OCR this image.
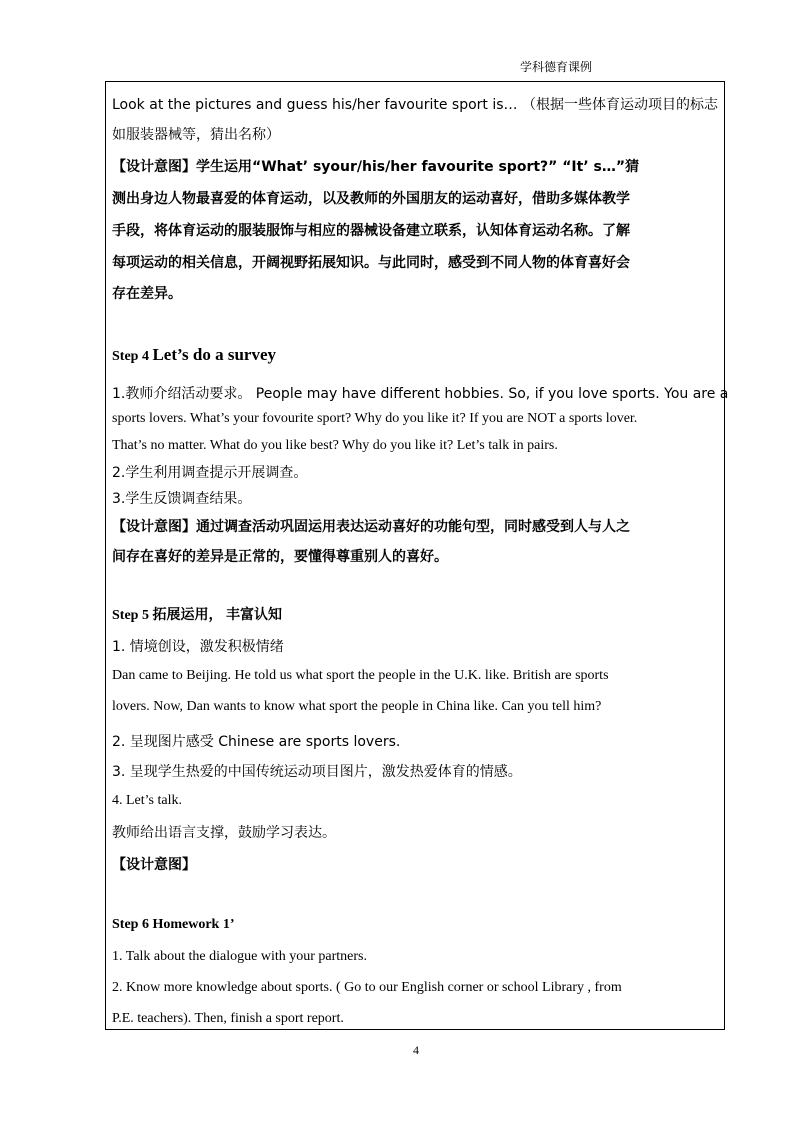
学科德育课例
Look at the pictures and guess his/her favourite sport is… （根据一些体育运动项目的标志
如服装器械等，猜出名称）
【设计意图】学生运用“What’ syour/his/her favourite sport?” “It’ s…”猜
测出身边人物最喜爱的体育运动，以及教师的外国朋友的运动喜好，借助多媒体教学
手段，将体育运动的服装服饰与相应的器械设备建立联系，认知体育运动名称。了解
每项运动的相关信息，开阔视野拓展知识。与此同时，感受到不同人物的体育喜好会
存在差异。
Step 4 Let’s do a survey
1.教师介绍活动要求。 People may have different hobbies. So, if you love sports. You are a
sports lovers. What’s your fovourite sport? Why do you like it? If you are NOT a sports lover.
That’s no matter. What do you like best? Why do you like it? Let’s talk in pairs.
2.学生利用调查提示开展调查。
3.学生反馈调查结果。
【设计意图】通过调查活动巩固运用表达运动喜好的功能句型，同时感受到人与人之
间存在喜好的差异是正常的，要懂得尊重别人的喜好。
Step 5 拓展运用， 丰富认知
1. 情境创设，激发积极情绪
Dan came to Beijing. He told us what sport the people in the U.K. like. British are sports
lovers. Now, Dan wants to know what sport the people in China like. Can you tell him?
2. 呈现图片感受 Chinese are sports lovers.
3. 呈现学生热爱的中国传统运动项目图片，激发热爱体育的情感。
4. Let’s talk.
教师给出语言支撑，鼓励学习表达。
【设计意图】
Step 6 Homework 1’
1. Talk about the dialogue with your partners.
2. Know more knowledge about sports. ( Go to our English corner or school Library , from
P.E. teachers). Then, finish a sport report.
4
